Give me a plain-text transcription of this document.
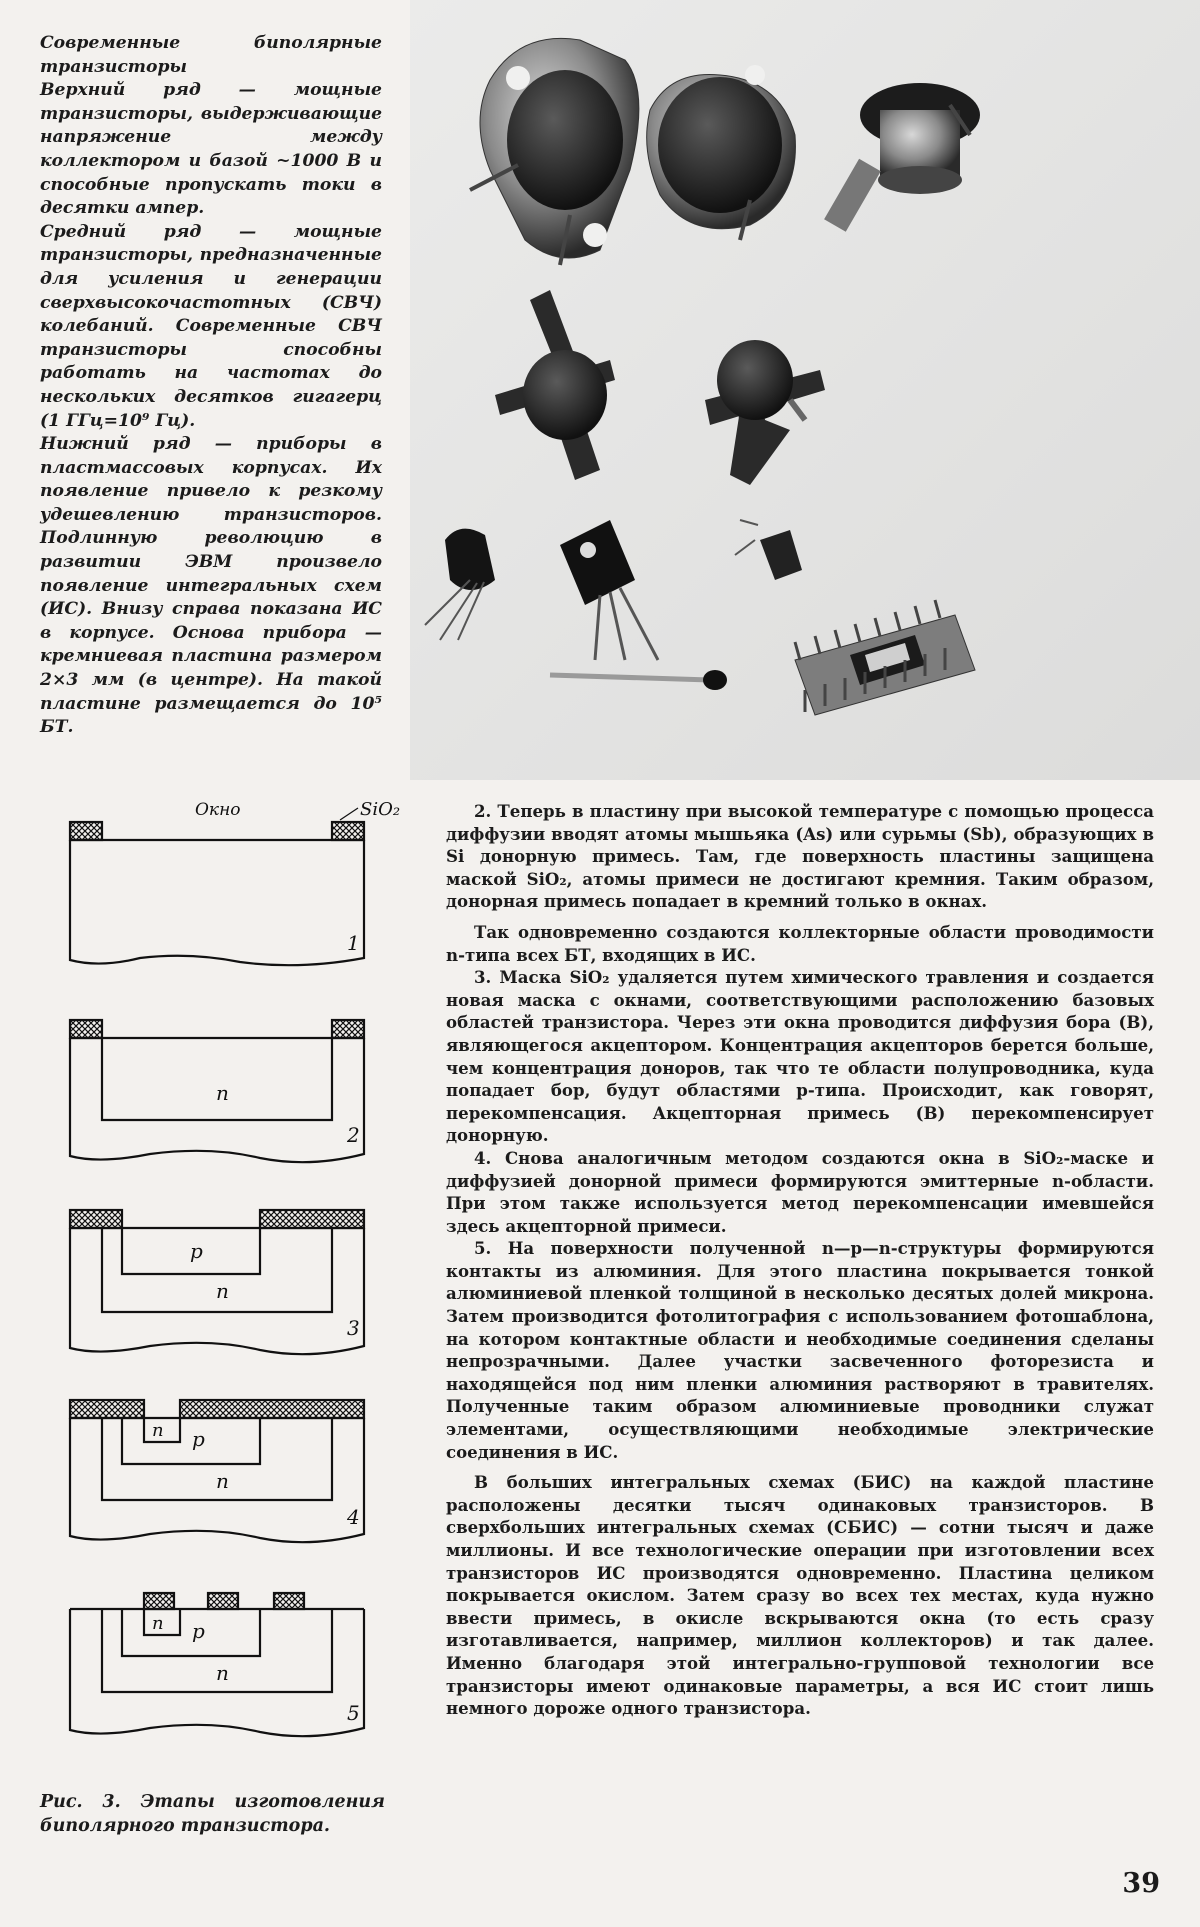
Современные биполярные транзисторы

Верхний ряд — мощные транзисторы, выдерживающие напряжение между коллектором и базой ~1000 В и способные пропускать токи в десятки ампер.

Средний ряд — мощные транзисторы, предназначенные для усиления и генерации сверхвысокочастотных (СВЧ) колебаний. Современные СВЧ транзисторы способны работать на частотах до нескольких десятков гигагерц (1 ГГц=10⁹ Гц).

Нижний ряд — приборы в пластмассовых корпусах. Их появление привело к резкому удешевлению транзисторов. Подлинную революцию в развитии ЭВМ произвело появление интегральных схем (ИС). Внизу справа показана ИС в корпусе. Основа прибора — кремниевая пластина размером 2×3 мм (в центре). На такой пластине размещается до 10⁵ БТ.

Окно	SiO₂
1
n
2
p
n
3
n p
n
4
n p
n
5
Рис. 3. Этапы изготовления биполярного транзистора.

2. Теперь в пластину при высокой температуре с помощью процесса диффузии вводят атомы мышьяка (As) или сурьмы (Sb), образующих в Si донорную примесь. Там, где поверхность пластины защищена маской SiO₂, атомы примеси не достигают кремния. Таким образом, донорная примесь попадает в кремний только в окнах.

Так одновременно создаются коллекторные области проводимости n-типа всех БТ, входящих в ИС.

3. Маска SiO₂ удаляется путем химического травления и создается новая маска с окнами, соответствующими расположению базовых областей транзистора. Через эти окна проводится диффузия бора (B), являющегося акцептором. Концентрация акцепторов берется больше, чем концентрация доноров, так что те области полупроводника, куда попадает бор, будут областями p-типа. Происходит, как говорят, перекомпенсация. Акцепторная примесь (B) перекомпенсирует донорную.

4. Снова аналогичным методом создаются окна в SiO₂-маске и диффузией донорной примеси формируются эмиттерные n-области. При этом также используется метод перекомпенсации имевшейся здесь акцепторной примеси.

5. На поверхности полученной n—p—n-структуры формируются контакты из алюминия. Для этого пластина покрывается тонкой алюминиевой пленкой толщиной в несколько десятых долей микрона. Затем производится фотолитография с использованием фотошаблона, на котором контактные области и необходимые соединения сделаны непрозрачными. Далее участки засвеченного фоторезиста и находящейся под ним пленки алюминия растворяют в травителях. Полученные таким образом алюминиевые проводники служат элементами, осуществляющими необходимые электрические соединения в ИС.

В больших интегральных схемах (БИС) на каждой пластине расположены десятки тысяч одинаковых транзисторов. В сверхбольших интегральных схемах (СБИС) — сотни тысяч и даже миллионы. И все технологические операции при изготовлении всех транзисторов ИС производятся одновременно. Пластина целиком покрывается окислом. Затем сразу во всех тех местах, куда нужно ввести примесь, в окисле вскрываются окна (то есть сразу изготавливается, например, миллион коллекторов) и так далее. Именно благодаря этой интегрально-групповой технологии все транзисторы имеют одинаковые параметры, а вся ИС стоит лишь немного дороже одного транзистора.

39
